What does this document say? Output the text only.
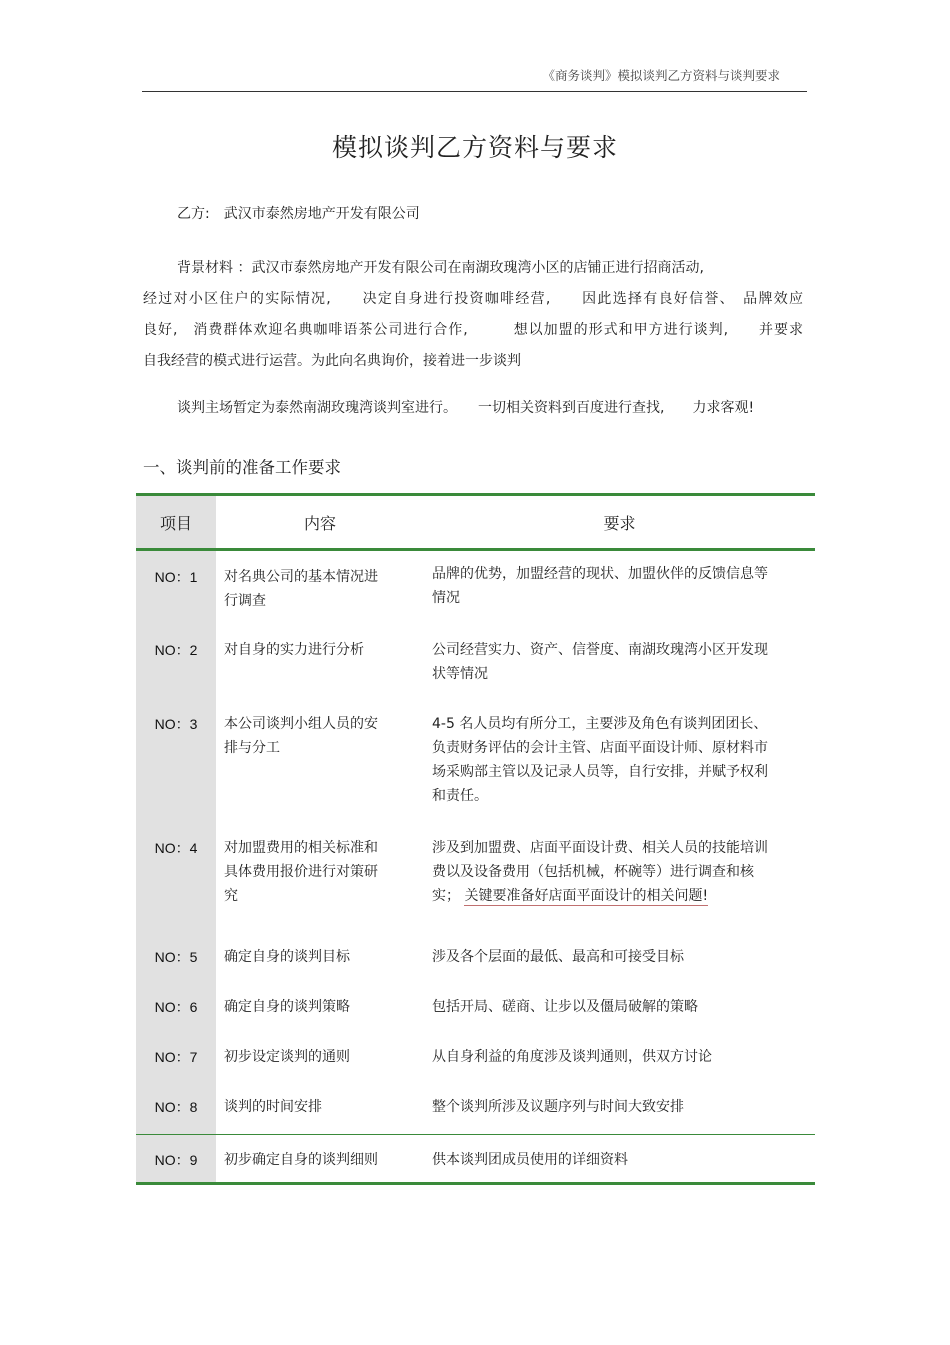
《商务谈判》模拟谈判乙方资料与谈判要求
模拟谈判乙方资料与要求
乙方: 武汉市泰然房地产开发有限公司
背景材料 ：武汉市泰然房地产开发有限公司在南湖玫瑰湾小区的店铺正进行招商活动,
经过对小区住户的实际情况,　　决定自身进行投资咖啡经营,　　因此选择有良好信誉、　品牌效应
良好,　消费群体欢迎名典咖啡语茶公司进行合作,　　　想以加盟的形式和甲方进行谈判,　　并要求
自我经营的模式进行运营。为此向名典询价，接着进一步谈判
谈判主场暂定为泰然南湖玫瑰湾谈判室进行。　　一切相关资料到百度进行查找,　　力求客观!
一、谈判前的准备工作要求
项目	内容	要求
NO：1	对名典公司的基本情况进行调查	品牌的优势，加盟经营的现状、加盟伙伴的反馈信息等情况
NO：2	对自身的实力进行分析	公司经营实力、资产、信誉度、南湖玫瑰湾小区开发现状等情况
NO：3	本公司谈判小组人员的安排与分工	4-5 名人员均有所分工，主要涉及角色有谈判团团长、负责财务评估的会计主管、店面平面设计师、原材料市场采购部主管以及记录人员等，自行安排，并赋予权利和责任。
NO：4	对加盟费用的相关标准和具体费用报价进行对策研究	涉及到加盟费、店面平面设计费、相关人员的技能培训费以及设备费用（包括机械，杯碗等）进行调查和核实； 关键要准备好店面平面设计的相关问题!
NO：5	确定自身的谈判目标	涉及各个层面的最低、最高和可接受目标
NO：6	确定自身的谈判策略	包括开局、磋商、让步以及僵局破解的策略
NO：7	初步设定谈判的通则	从自身利益的角度涉及谈判通则，供双方讨论
NO：8	谈判的时间安排	整个谈判所涉及议题序列与时间大致安排
NO：9	初步确定自身的谈判细则	供本谈判团成员使用的详细资料
